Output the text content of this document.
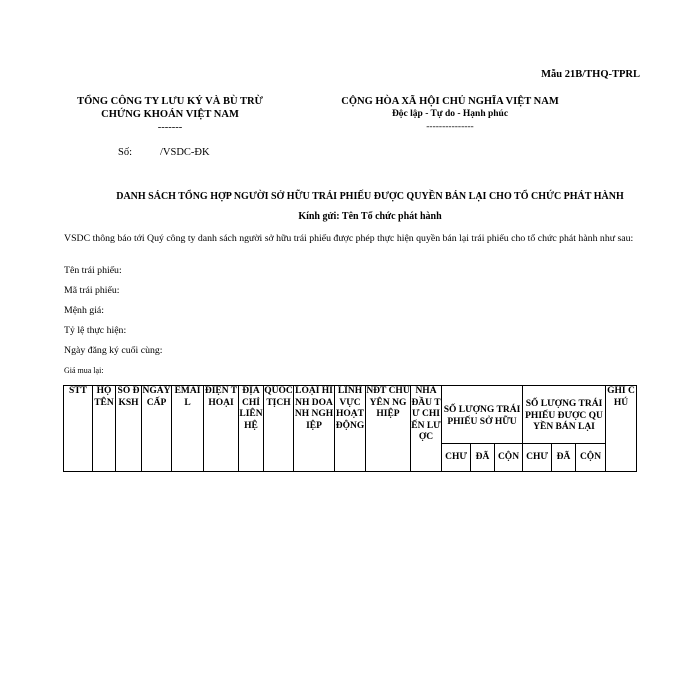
Mẫu 21B/THQ-TPRL
TỔNG CÔNG TY LƯU KÝ VÀ BÙ TRỪ
CHỨNG KHOÁN VIỆT NAM
-------
CỘNG HÒA XÃ HỘI CHỦ NGHĨA VIỆT NAM
Độc lập - Tự do - Hạnh phúc
---------------
Số:	/VSDC-ĐK
DANH SÁCH TỔNG HỢP NGƯỜI SỞ HỮU TRÁI PHIẾU ĐƯỢC QUYỀN BÁN LẠI CHO TỔ CHỨC PHÁT HÀNH
Kính gửi: Tên Tổ chức phát hành
VSDC thông báo tới Quý công ty danh sách người sở hữu trái phiếu được phép thực hiện quyền bán lại trái phiếu cho tổ chức phát hành như sau:
Tên trái phiếu:
Mã trái phiếu:
Mệnh giá:
Tỷ lệ thực hiện:
Ngày đăng ký cuối cùng:
Giá mua lại:
STT	HỌ TÊN	SỐ ĐKSH	NGÀY CẤP	EMAIL	ĐIỆN THOẠI	ĐỊA CHỈ LIÊN HỆ	QUỐC TỊCH	LOẠI HÌNH DOANH NGHIỆP	LĨNH VỰC HOẠT ĐỘNG	NĐT CHUYÊN NGHIỆP	NHÀ ĐẦU TƯ CHIẾN LƯỢC	SỐ LƯỢNG TRÁI PHIẾU SỞ HỮU			SỐ LƯỢNG TRÁI PHIẾU ĐƯỢC QUYỀN BÁN LẠI			GHI CHÚ
												CHƯ	ĐÃ	CỘN	CHƯ	ĐÃ	CỘN	
